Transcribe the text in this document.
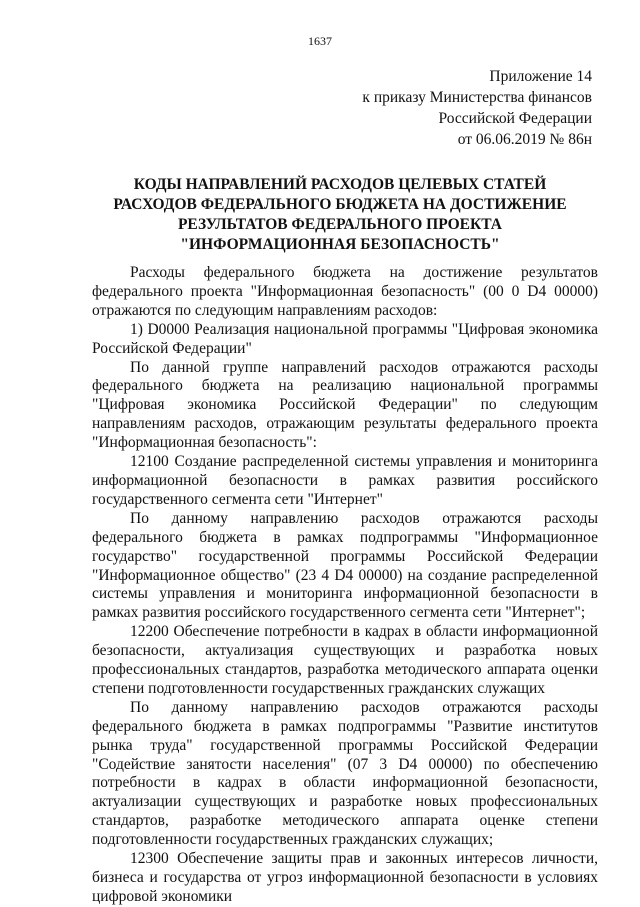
1637
Приложение 14
к приказу Министерства финансов
Российской Федерации
от 06.06.2019 № 86н
КОДЫ НАПРАВЛЕНИЙ РАСХОДОВ ЦЕЛЕВЫХ СТАТЕЙ
РАСХОДОВ ФЕДЕРАЛЬНОГО БЮДЖЕТА НА ДОСТИЖЕНИЕ
РЕЗУЛЬТАТОВ ФЕДЕРАЛЬНОГО ПРОЕКТА
"ИНФОРМАЦИОННАЯ БЕЗОПАСНОСТЬ"

Расходы федерального бюджета на достижение результатов федерального проекта "Информационная безопасность" (00 0 D4 00000) отражаются по следующим направлениям расходов:

1) D0000 Реализация национальной программы "Цифровая экономика Российской Федерации"

По данной группе направлений расходов отражаются расходы федерального бюджета на реализацию национальной программы "Цифровая экономика Российской Федерации" по следующим направлениям расходов, отражающим результаты федерального проекта "Информационная безопасность":

12100 Создание распределенной системы управления и мониторинга информационной безопасности в рамках развития российского государственного сегмента сети "Интернет"

По данному направлению расходов отражаются расходы федерального бюджета в рамках подпрограммы "Информационное государство" государственной программы Российской Федерации "Информационное общество" (23 4 D4 00000) на создание распределенной системы управления и мониторинга информационной безопасности в рамках развития российского государственного сегмента сети "Интернет";

12200 Обеспечение потребности в кадрах в области информационной безопасности, актуализация существующих и разработка новых профессиональных стандартов, разработка методического аппарата оценки степени подготовленности государственных гражданских служащих

По данному направлению расходов отражаются расходы федерального бюджета в рамках подпрограммы "Развитие институтов рынка труда" государственной программы Российской Федерации "Содействие занятости населения" (07 3 D4 00000) по обеспечению потребности в кадрах в области информационной безопасности, актуализации существующих и разработке новых профессиональных стандартов, разработке методического аппарата оценке степени подготовленности государственных гражданских служащих;

12300 Обеспечение защиты прав и законных интересов личности, бизнеса и государства от угроз информационной безопасности в условиях цифровой экономики
